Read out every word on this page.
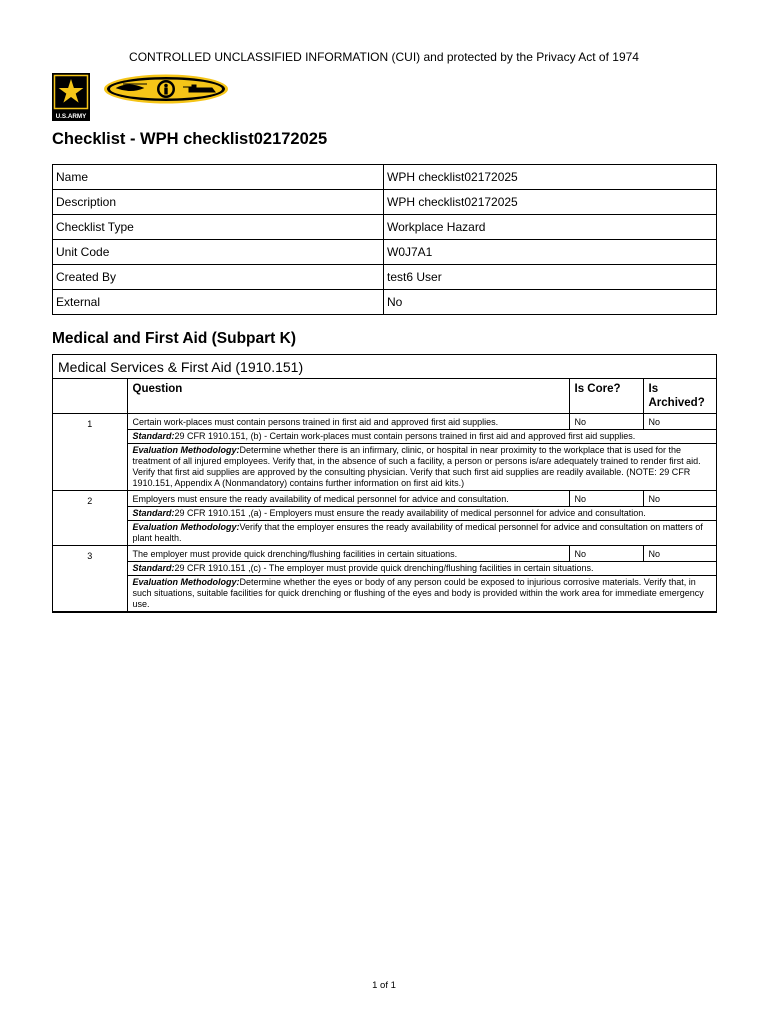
CONTROLLED UNCLASSIFIED INFORMATION (CUI) and protected by the Privacy Act of 1974
U.S.ARMY
Checklist - WPH checklist02172025
Name	WPH checklist02172025
Description	WPH checklist02172025
Checklist Type	Workplace Hazard
Unit Code	W0J7A1
Created By	test6 User
External	No
Medical and First Aid (Subpart K)
Medical Services & First Aid (1910.151)
	Question	Is Core?	Is Archived?
1	Certain work-places must contain persons trained in first aid and approved first aid supplies.	No	No
	Standard:29 CFR 1910.151, (b) - Certain work-places must contain persons trained in first aid and approved first aid supplies.		
	Evaluation Methodology:Determine whether there is an infirmary, clinic, or hospital in near proximity to the workplace that is used for the treatment of all injured employees. Verify that, in the absence of such a facility, a person or persons is/are adequately trained to render first aid. Verify that first aid supplies are approved by the consulting physician. Verify that such first aid supplies are readily available. (NOTE: 29 CFR 1910.151, Appendix A (Nonmandatory) contains further information on first aid kits.)		
2	Employers must ensure the ready availability of medical personnel for advice and consultation.	No	No
	Standard:29 CFR 1910.151 ,(a) - Employers must ensure the ready availability of medical personnel for advice and consultation.		
	Evaluation Methodology:Verify that the employer ensures the ready availability of medical personnel for advice and consultation on matters of plant health.		
3	The employer must provide quick drenching/flushing facilities in certain situations.	No	No
	Standard:29 CFR 1910.151 ,(c) - The employer must provide quick drenching/flushing facilities in certain situations.		
	Evaluation Methodology:Determine whether the eyes or body of any person could be exposed to injurious corrosive materials. Verify that, in such situations, suitable facilities for quick drenching or flushing of the eyes and body is provided within the work area for immediate emergency use.		
1 of 1
